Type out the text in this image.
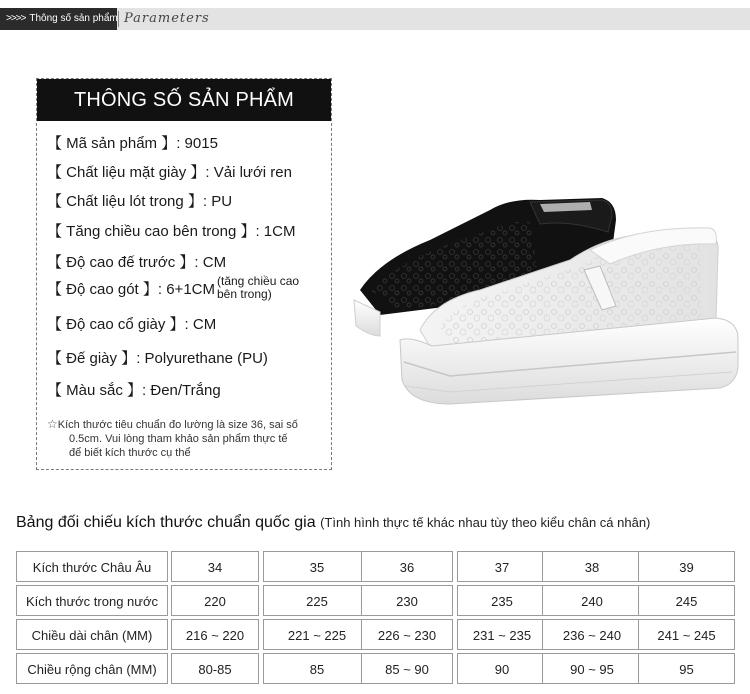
>>>> Thông số sản phẩm Parameters
THÔNG SỐ SẢN PHẨM
【 Mã sản phẩm 】: 9015
【 Chất liệu mặt giày 】: Vải lưới ren
【 Chất liệu lót trong 】: PU
【 Tăng chiều cao bên trong 】: 1CM
【 Độ cao đế trước 】: CM
【 Độ cao gót 】: 6+1CM (tăng chiều cao bên trong)
【 Độ cao cổ giày 】: CM
【 Đế giày 】: Polyurethane (PU)
【 Màu sắc 】: Đen/Trắng
☆Kích thước tiêu chuẩn đo lường là size 36, sai số
0.5cm. Vui lòng tham khảo sản phẩm thực tế
để biết kích thước cụ thể
Bảng đối chiếu kích thước chuẩn quốc gia (Tình hình thực tế khác nhau tùy theo kiểu chân cá nhân)
Kích thước Châu Âu	34	35	36	37	38	39
Kích thước trong nước	220	225	230	235	240	245
Chiều dài chân (MM)	216 ~ 220	221 ~ 225	226 ~ 230	231 ~ 235	236 ~ 240	241 ~ 245
Chiều rộng chân (MM)	80-85	85	85 ~ 90	90	90 ~ 95	95
